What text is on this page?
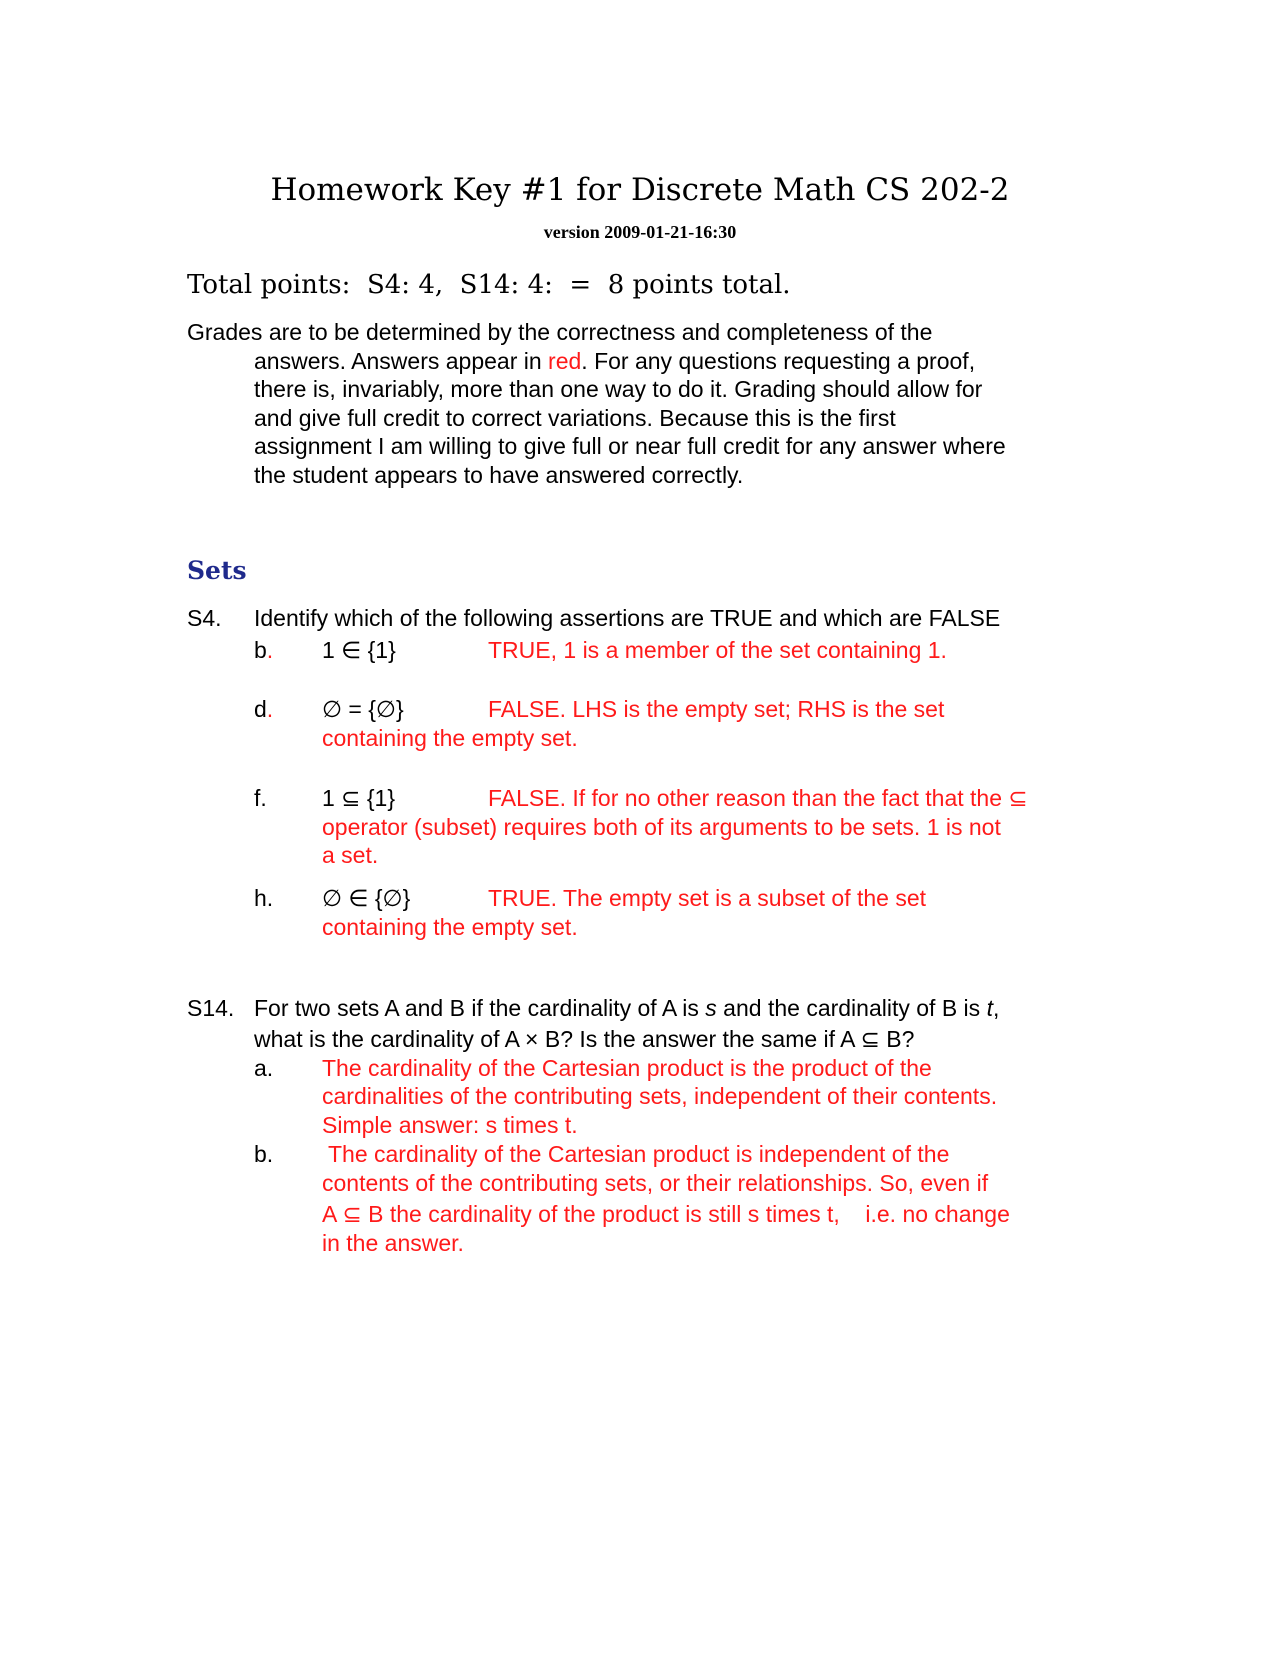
Homework Key #1 for Discrete Math CS 202-2
version 2009-01-21-16:30
Total points:  S4: 4,  S14: 4:  =  8 points total.
Grades are to be determined by the correctness and completeness of the
answers. Answers appear in red. For any questions requesting a proof,
there is, invariably, more than one way to do it. Grading should allow for
and give full credit to correct variations. Because this is the first
assignment I am willing to give full or near full credit for any answer where
the student appears to have answered correctly.
Sets
S4. Identify which of the following assertions are TRUE and which are FALSE
b. 1 ∈ {1}	TRUE, 1 is a member of the set containing 1.
d. ∅ = {∅}	FALSE. LHS is the empty set; RHS is the set
containing the empty set.
f. 1 ⊆ {1}	FALSE. If for no other reason than the fact that the ⊆
operator (subset) requires both of its arguments to be sets. 1 is not
a set.
h. ∅ ∈ {∅}	TRUE. The empty set is a subset of the set
containing the empty set.
S14. For two sets A and B if the cardinality of A is s and the cardinality of B is t,
what is the cardinality of A × B? Is the answer the same if A ⊆ B?
a. The cardinality of the Cartesian product is the product of the
cardinalities of the contributing sets, independent of their contents.
Simple answer: s times t.
b. The cardinality of the Cartesian product is independent of the
contents of the contributing sets, or their relationships. So, even if
A ⊆ B the cardinality of the product is still s times t,    i.e. no change
in the answer.
